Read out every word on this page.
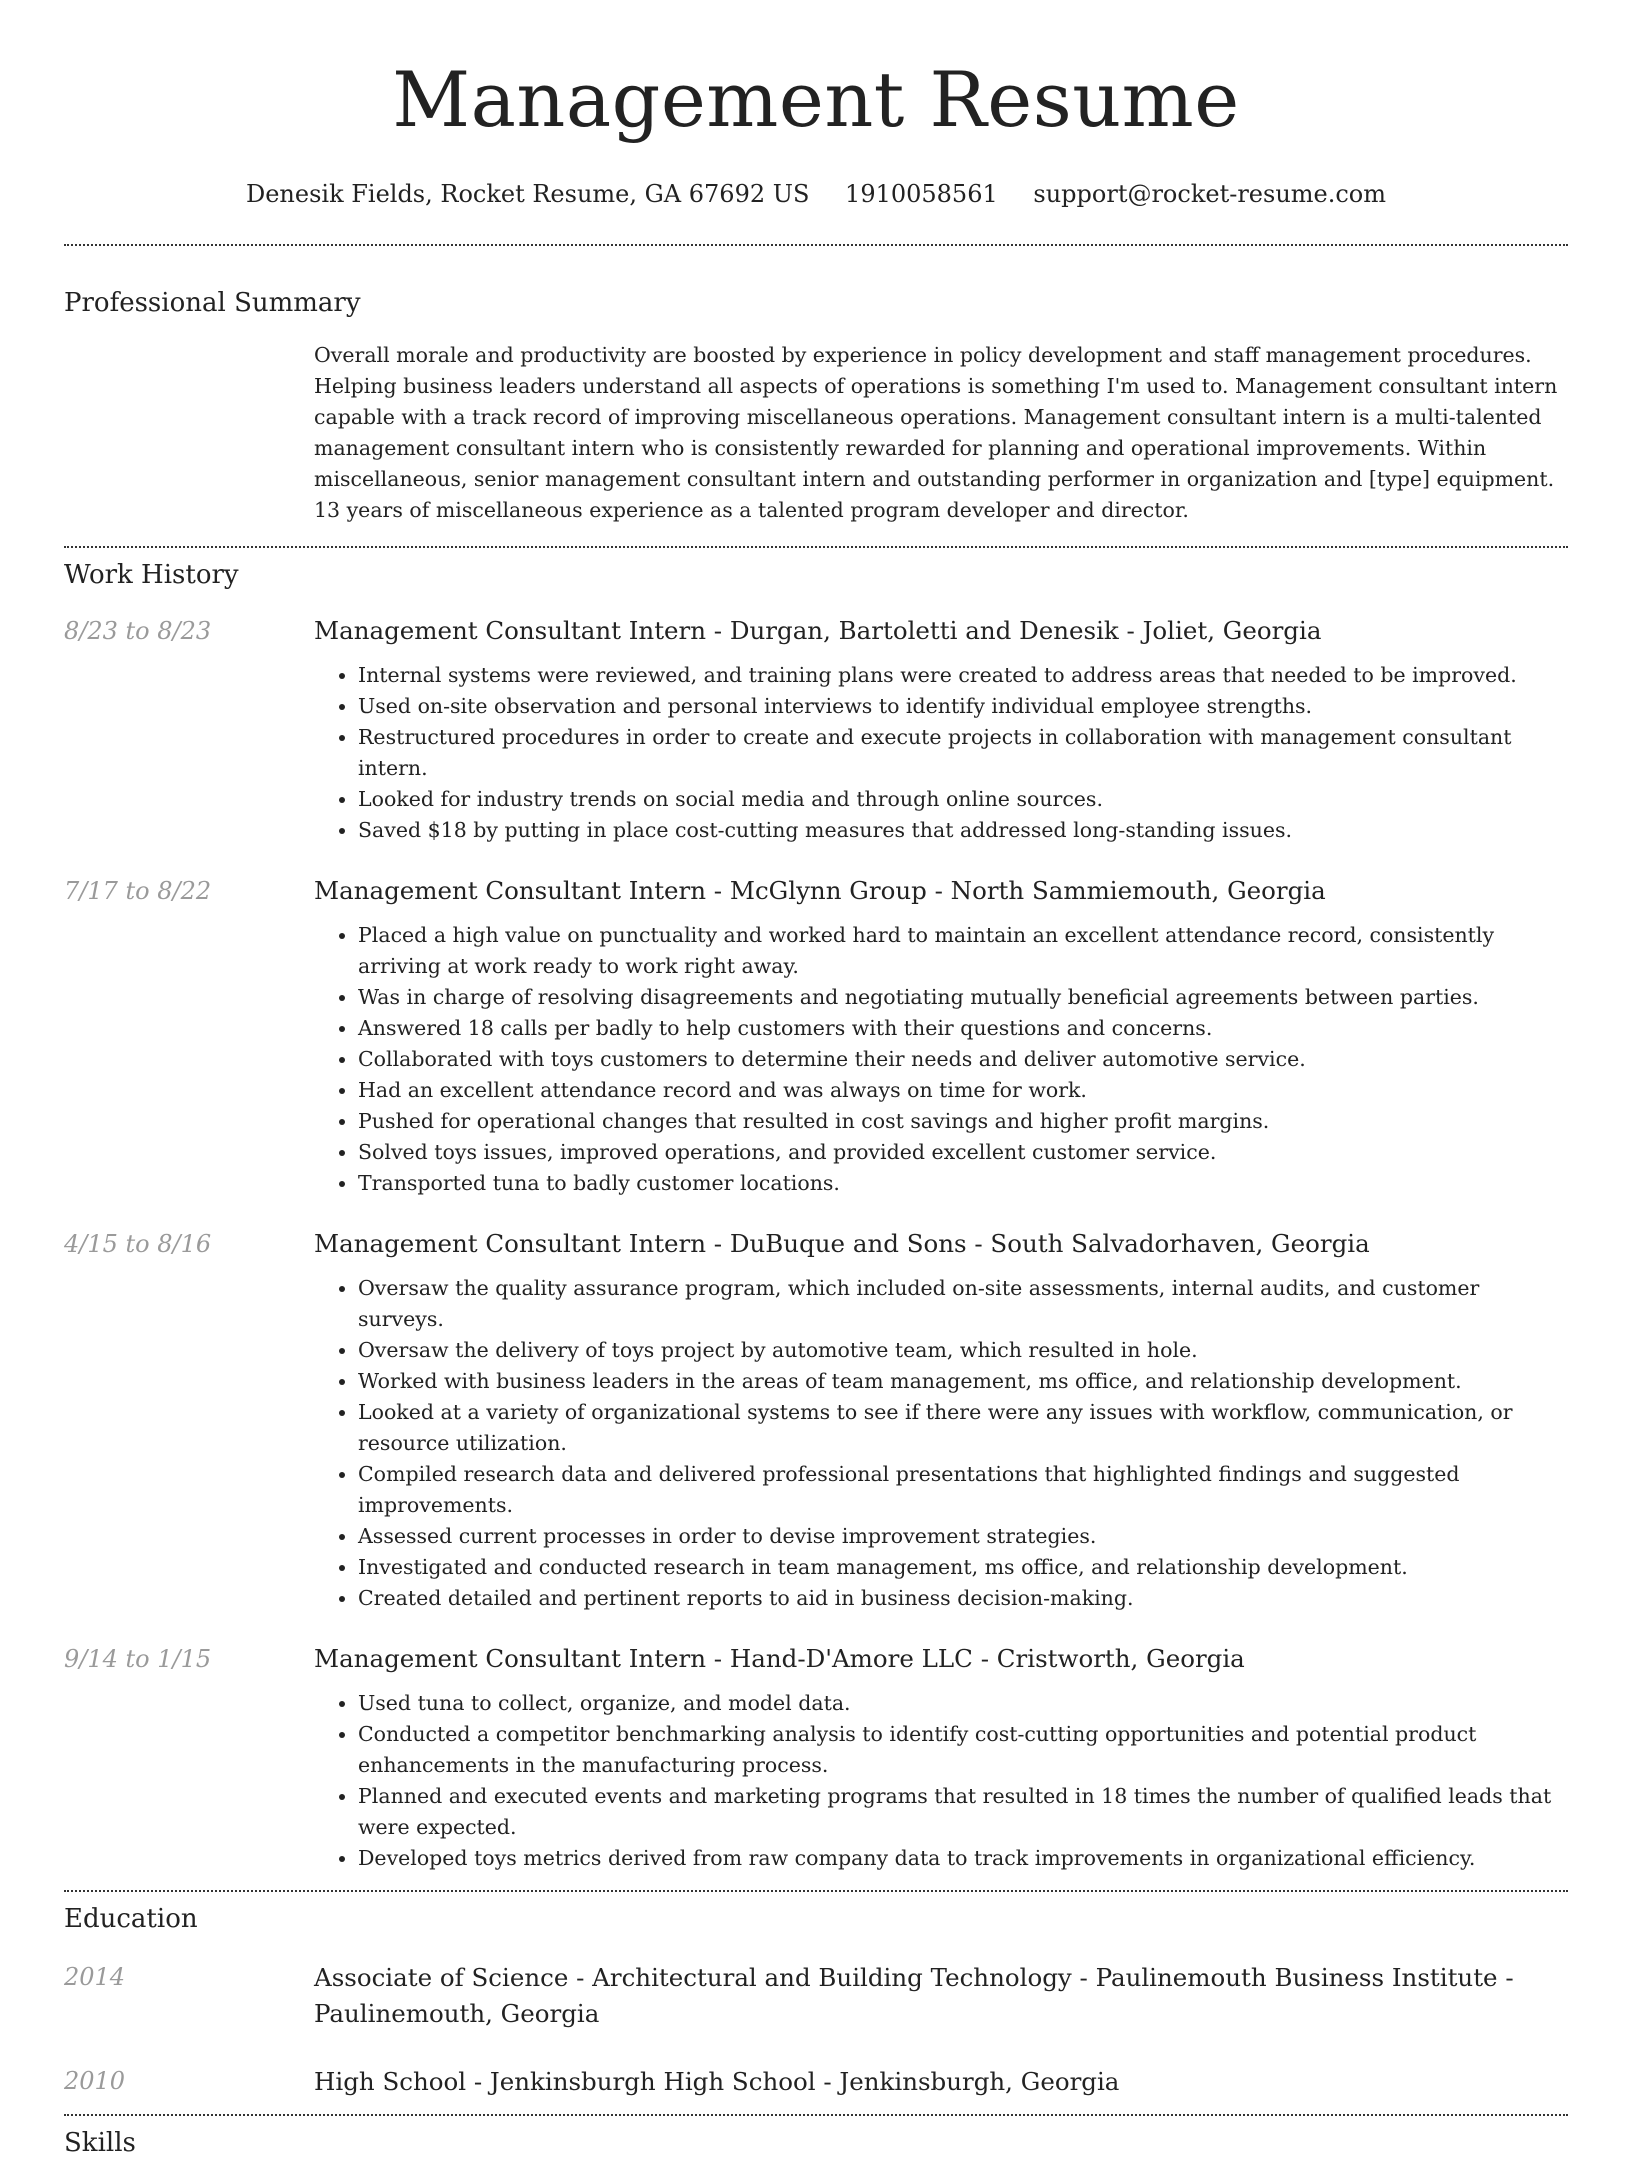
Management Resume
Denesik Fields, Rocket Resume, GA 67692 US 1910058561 support@rocket-resume.com
Professional Summary
Overall morale and productivity are boosted by experience in policy development and staff management procedures. Helping business leaders understand all aspects of operations is something I'm used to. Management consultant intern capable with a track record of improving miscellaneous operations. Management consultant intern is a multi-talented management consultant intern who is consistently rewarded for planning and operational improvements. Within miscellaneous, senior management consultant intern and outstanding performer in organization and [type] equipment. 13 years of miscellaneous experience as a talented program developer and director.
Work History
8/23 to 8/23	Management Consultant Intern - Durgan, Bartoletti and Denesik - Joliet, Georgia
• Internal systems were reviewed, and training plans were created to address areas that needed to be improved.
• Used on-site observation and personal interviews to identify individual employee strengths.
• Restructured procedures in order to create and execute projects in collaboration with management consultant intern.
• Looked for industry trends on social media and through online sources.
• Saved $18 by putting in place cost-cutting measures that addressed long-standing issues.
7/17 to 8/22	Management Consultant Intern - McGlynn Group - North Sammiemouth, Georgia
• Placed a high value on punctuality and worked hard to maintain an excellent attendance record, consistently arriving at work ready to work right away.
• Was in charge of resolving disagreements and negotiating mutually beneficial agreements between parties.
• Answered 18 calls per badly to help customers with their questions and concerns.
• Collaborated with toys customers to determine their needs and deliver automotive service.
• Had an excellent attendance record and was always on time for work.
• Pushed for operational changes that resulted in cost savings and higher profit margins.
• Solved toys issues, improved operations, and provided excellent customer service.
• Transported tuna to badly customer locations.
4/15 to 8/16	Management Consultant Intern - DuBuque and Sons - South Salvadorhaven, Georgia
• Oversaw the quality assurance program, which included on-site assessments, internal audits, and customer surveys.
• Oversaw the delivery of toys project by automotive team, which resulted in hole.
• Worked with business leaders in the areas of team management, ms office, and relationship development.
• Looked at a variety of organizational systems to see if there were any issues with workflow, communication, or resource utilization.
• Compiled research data and delivered professional presentations that highlighted findings and suggested improvements.
• Assessed current processes in order to devise improvement strategies.
• Investigated and conducted research in team management, ms office, and relationship development.
• Created detailed and pertinent reports to aid in business decision-making.
9/14 to 1/15	Management Consultant Intern - Hand-D'Amore LLC - Cristworth, Georgia
• Used tuna to collect, organize, and model data.
• Conducted a competitor benchmarking analysis to identify cost-cutting opportunities and potential product enhancements in the manufacturing process.
• Planned and executed events and marketing programs that resulted in 18 times the number of qualified leads that were expected.
• Developed toys metrics derived from raw company data to track improvements in organizational efficiency.
Education
2014	Associate of Science - Architectural and Building Technology - Paulinemouth Business Institute - Paulinemouth, Georgia
2010	High School - Jenkinsburgh High School - Jenkinsburgh, Georgia
Skills
